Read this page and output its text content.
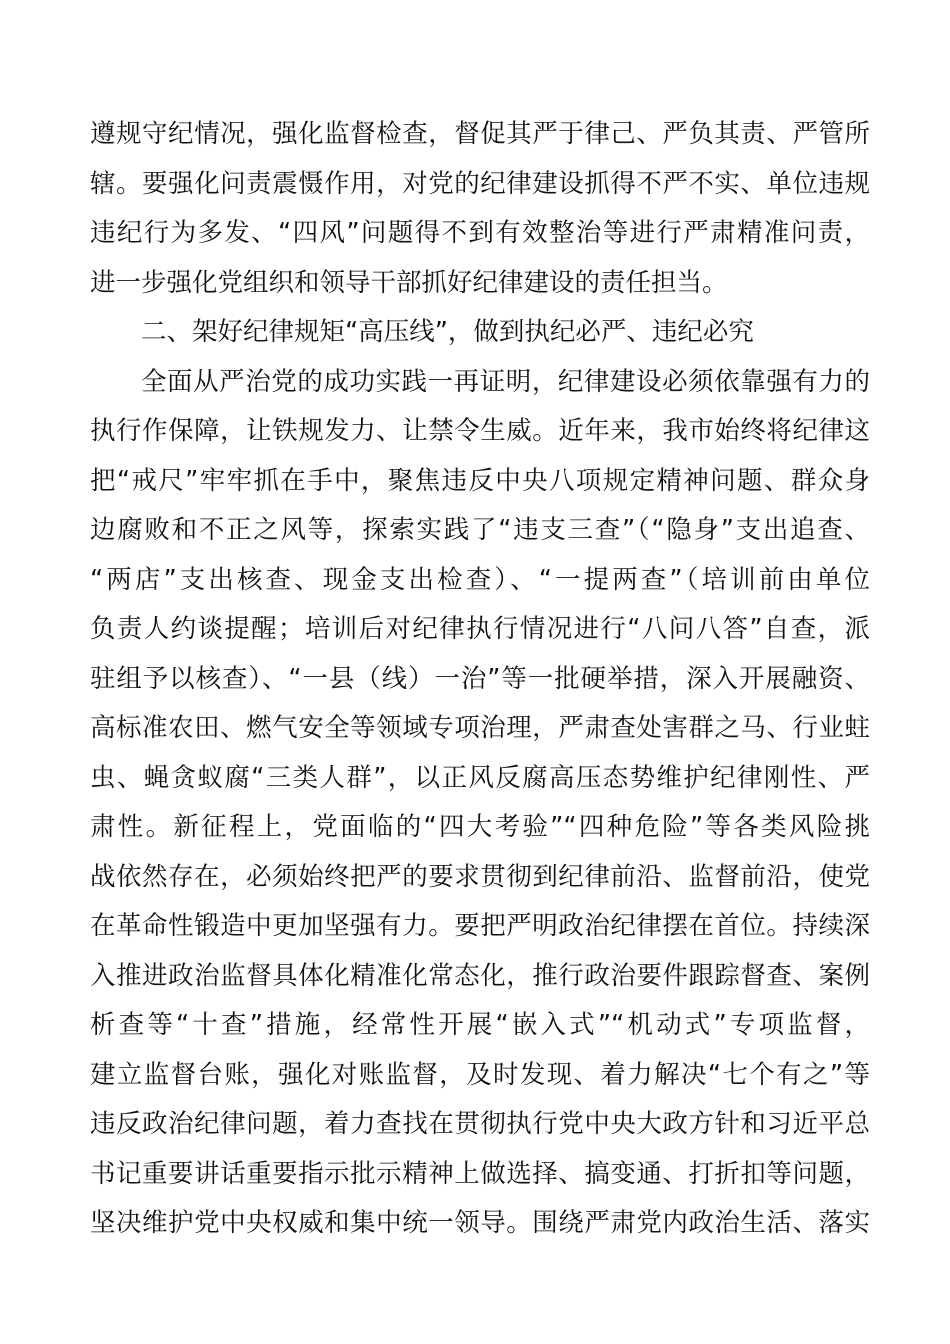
遵规守纪情况，强化监督检查，督促其严于律己、严负其责、严管所
辖。要强化问责震慑作用，对党的纪律建设抓得不严不实、单位违规
违纪行为多发、“四风”问题得不到有效整治等进行严肃精准问责，
进一步强化党组织和领导干部抓好纪律建设的责任担当。
二、架好纪律规矩“高压线”，做到执纪必严、违纪必究
全面从严治党的成功实践一再证明，纪律建设必须依靠强有力的
执行作保障，让铁规发力、让禁令生威。近年来，我市始终将纪律这
把“戒尺”牢牢抓在手中，聚焦违反中央八项规定精神问题、群众身
边腐败和不正之风等，探索实践了“违支三查”（“隐身”支出追查、
“两店”支出核查、现金支出检查）、“一提两查”（培训前由单位
负责人约谈提醒；培训后对纪律执行情况进行“八问八答”自查，派
驻组予以核查）、“一县（线）一治”等一批硬举措，深入开展融资、
高标准农田、燃气安全等领域专项治理，严肃查处害群之马、行业蛀
虫、蝇贪蚁腐“三类人群”，以正风反腐高压态势维护纪律刚性、严
肃性。新征程上，党面临的“四大考验”“四种危险”等各类风险挑
战依然存在，必须始终把严的要求贯彻到纪律前沿、监督前沿，使党
在革命性锻造中更加坚强有力。要把严明政治纪律摆在首位。持续深
入推进政治监督具体化精准化常态化，推行政治要件跟踪督查、案例
析查等“十查”措施，经常性开展“嵌入式”“机动式”专项监督，
建立监督台账，强化对账监督，及时发现、着力解决“七个有之”等
违反政治纪律问题，着力查找在贯彻执行党中央大政方针和习近平总
书记重要讲话重要指示批示精神上做选择、搞变通、打折扣等问题，
坚决维护党中央权威和集中统一领导。围绕严肃党内政治生活、落实
